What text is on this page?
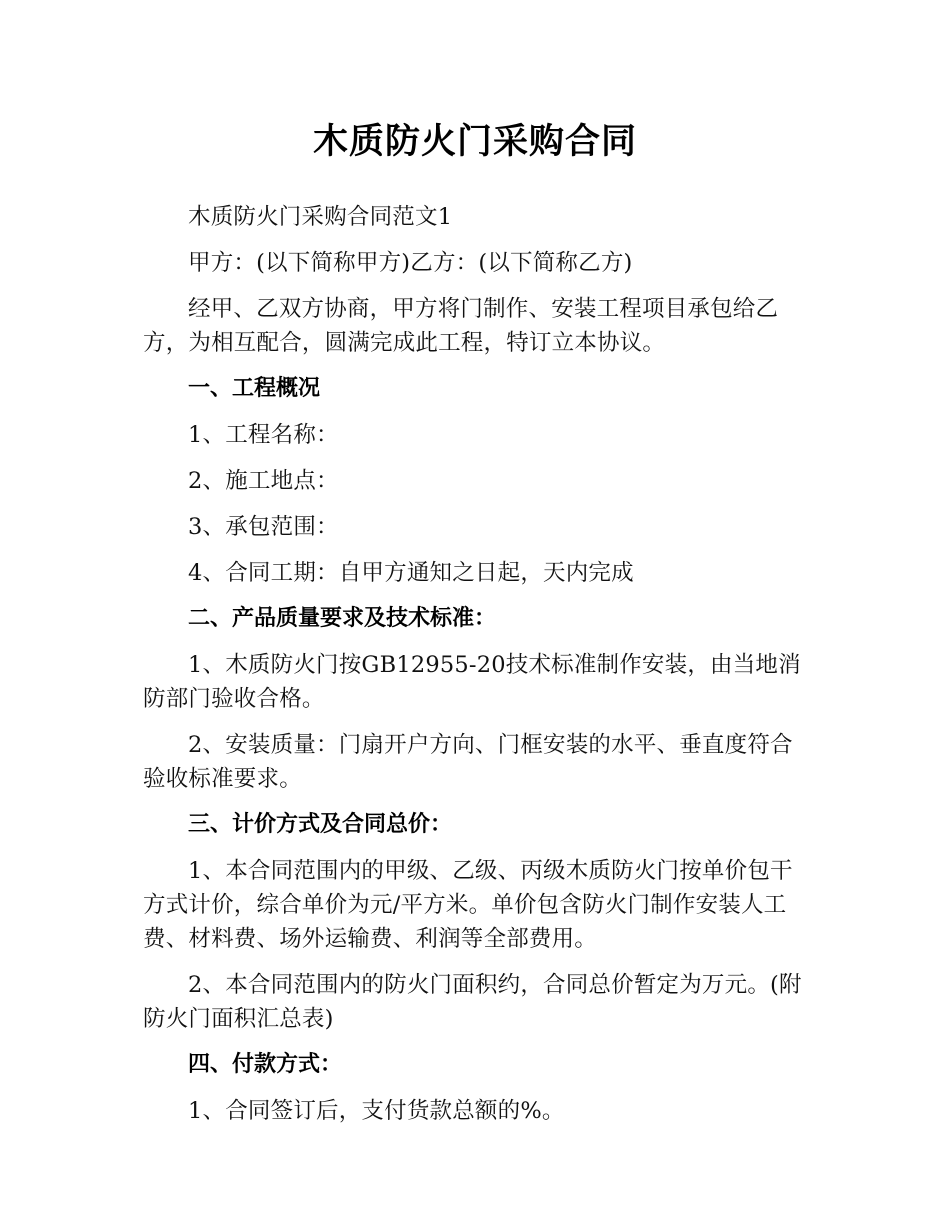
木质防火门采购合同

木质防火门采购合同范文1

甲方：(以下简称甲方)乙方：(以下简称乙方)

经甲、乙双方协商，甲方将门制作、安装工程项目承包给乙方，为相互配合，圆满完成此工程，特订立本协议。

一、工程概况

1、工程名称：

2、施工地点：

3、承包范围：

4、合同工期：自甲方通知之日起，天内完成

二、产品质量要求及技术标准：

1、木质防火门按GB12955-20技术标准制作安装，由当地消防部门验收合格。

2、安装质量：门扇开户方向、门框安装的水平、垂直度符合验收标准要求。

三、计价方式及合同总价：

1、本合同范围内的甲级、乙级、丙级木质防火门按单价包干方式计价，综合单价为元/平方米。单价包含防火门制作安装人工费、材料费、场外运输费、利润等全部费用。

2、本合同范围内的防火门面积约，合同总价暂定为万元。(附防火门面积汇总表)

四、付款方式：

1、合同签订后，支付货款总额的%。
